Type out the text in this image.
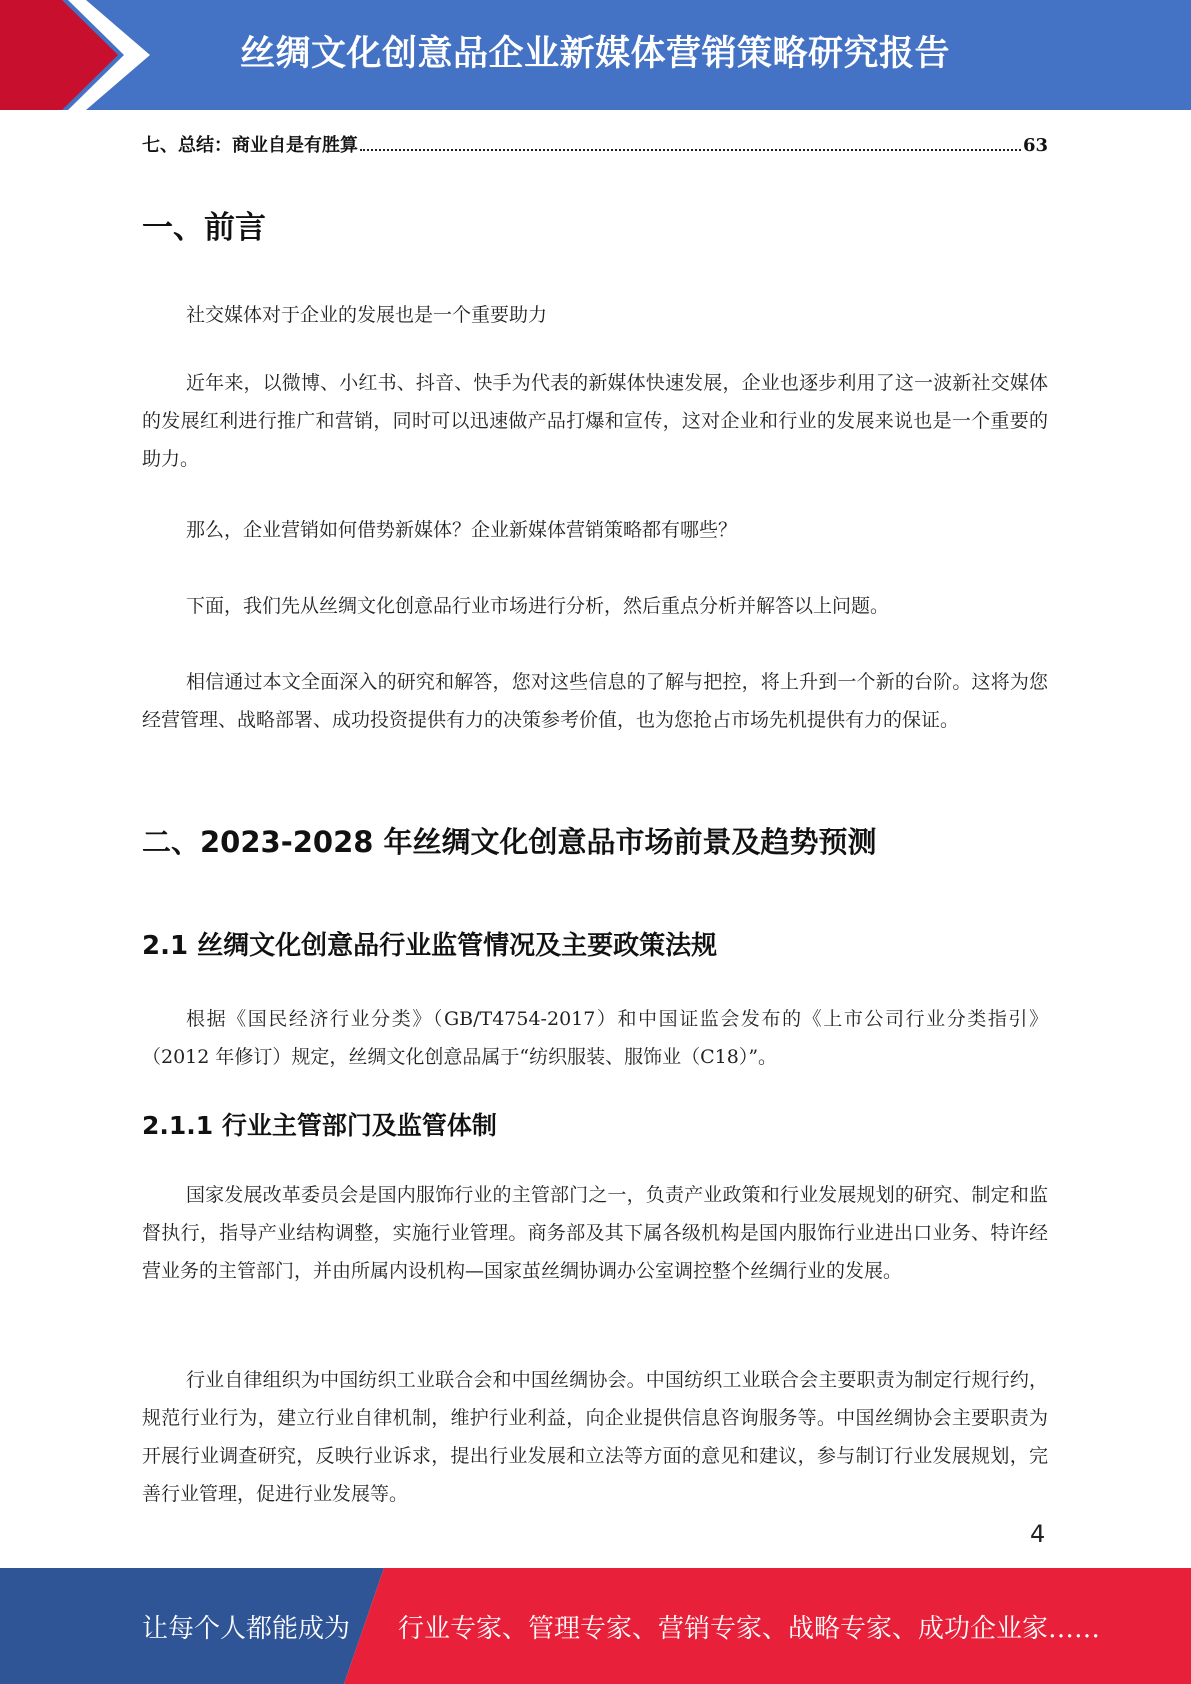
丝绸文化创意品企业新媒体营销策略研究报告
七、总结：商业自是有胜算	63
一、前言
社交媒体对于企业的发展也是一个重要助力
近年来，以微博、小红书、抖音、快手为代表的新媒体快速发展，企业也逐步利用了这一波新社交媒体的发展红利进行推广和营销，同时可以迅速做产品打爆和宣传，这对企业和行业的发展来说也是一个重要的助力。
那么，企业营销如何借势新媒体？企业新媒体营销策略都有哪些？
下面，我们先从丝绸文化创意品行业市场进行分析，然后重点分析并解答以上问题。
相信通过本文全面深入的研究和解答，您对这些信息的了解与把控，将上升到一个新的台阶。这将为您经营管理、战略部署、成功投资提供有力的决策参考价值，也为您抢占市场先机提供有力的保证。
二、2023-2028 年丝绸文化创意品市场前景及趋势预测
2.1 丝绸文化创意品行业监管情况及主要政策法规
根据《国民经济行业分类》（GB/T4754-2017）和中国证监会发布的《上市公司行业分类指引》（2012 年修订）规定，丝绸文化创意品属于“纺织服装、服饰业（C18）”。
2.1.1 行业主管部门及监管体制
国家发展改革委员会是国内服饰行业的主管部门之一，负责产业政策和行业发展规划的研究、制定和监督执行，指导产业结构调整，实施行业管理。商务部及其下属各级机构是国内服饰行业进出口业务、特许经营业务的主管部门，并由所属内设机构—国家茧丝绸协调办公室调控整个丝绸行业的发展。
行业自律组织为中国纺织工业联合会和中国丝绸协会。中国纺织工业联合会主要职责为制定行规行约，规范行业行为，建立行业自律机制，维护行业利益，向企业提供信息咨询服务等。中国丝绸协会主要职责为开展行业调查研究，反映行业诉求，提出行业发展和立法等方面的意见和建议，参与制订行业发展规划，完善行业管理，促进行业发展等。
4
让每个人都能成为 行业专家、管理专家、营销专家、战略专家、成功企业家……
